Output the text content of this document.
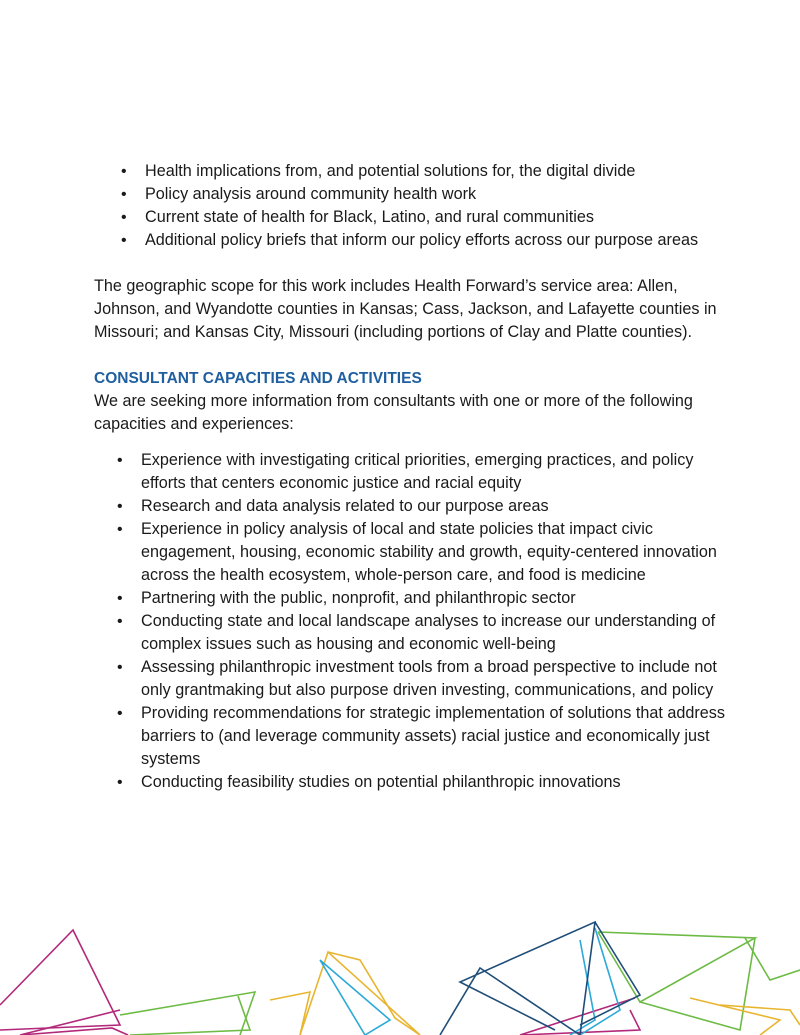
• Health implications from, and potential solutions for, the digital divide
• Policy analysis around community health work
• Current state of health for Black, Latino, and rural communities
• Additional policy briefs that inform our policy efforts across our purpose areas

The geographic scope for this work includes Health Forward’s service area: Allen, Johnson, and Wyandotte counties in Kansas; Cass, Jackson, and Lafayette counties in Missouri; and Kansas City, Missouri (including portions of Clay and Platte counties).

CONSULTANT CAPACITIES AND ACTIVITIES

We are seeking more information from consultants with one or more of the following capacities and experiences:

• Experience with investigating critical priorities, emerging practices, and policy efforts that centers economic justice and racial equity
• Research and data analysis related to our purpose areas
• Experience in policy analysis of local and state policies that impact civic engagement, housing, economic stability and growth, equity-centered innovation across the health ecosystem, whole-person care, and food is medicine
• Partnering with the public, nonprofit, and philanthropic sector
• Conducting state and local landscape analyses to increase our understanding of complex issues such as housing and economic well-being
• Assessing philanthropic investment tools from a broad perspective to include not only grantmaking but also purpose driven investing, communications, and policy
• Providing recommendations for strategic implementation of solutions that address barriers to (and leverage community assets) racial justice and economically just systems
• Conducting feasibility studies on potential philanthropic innovations
